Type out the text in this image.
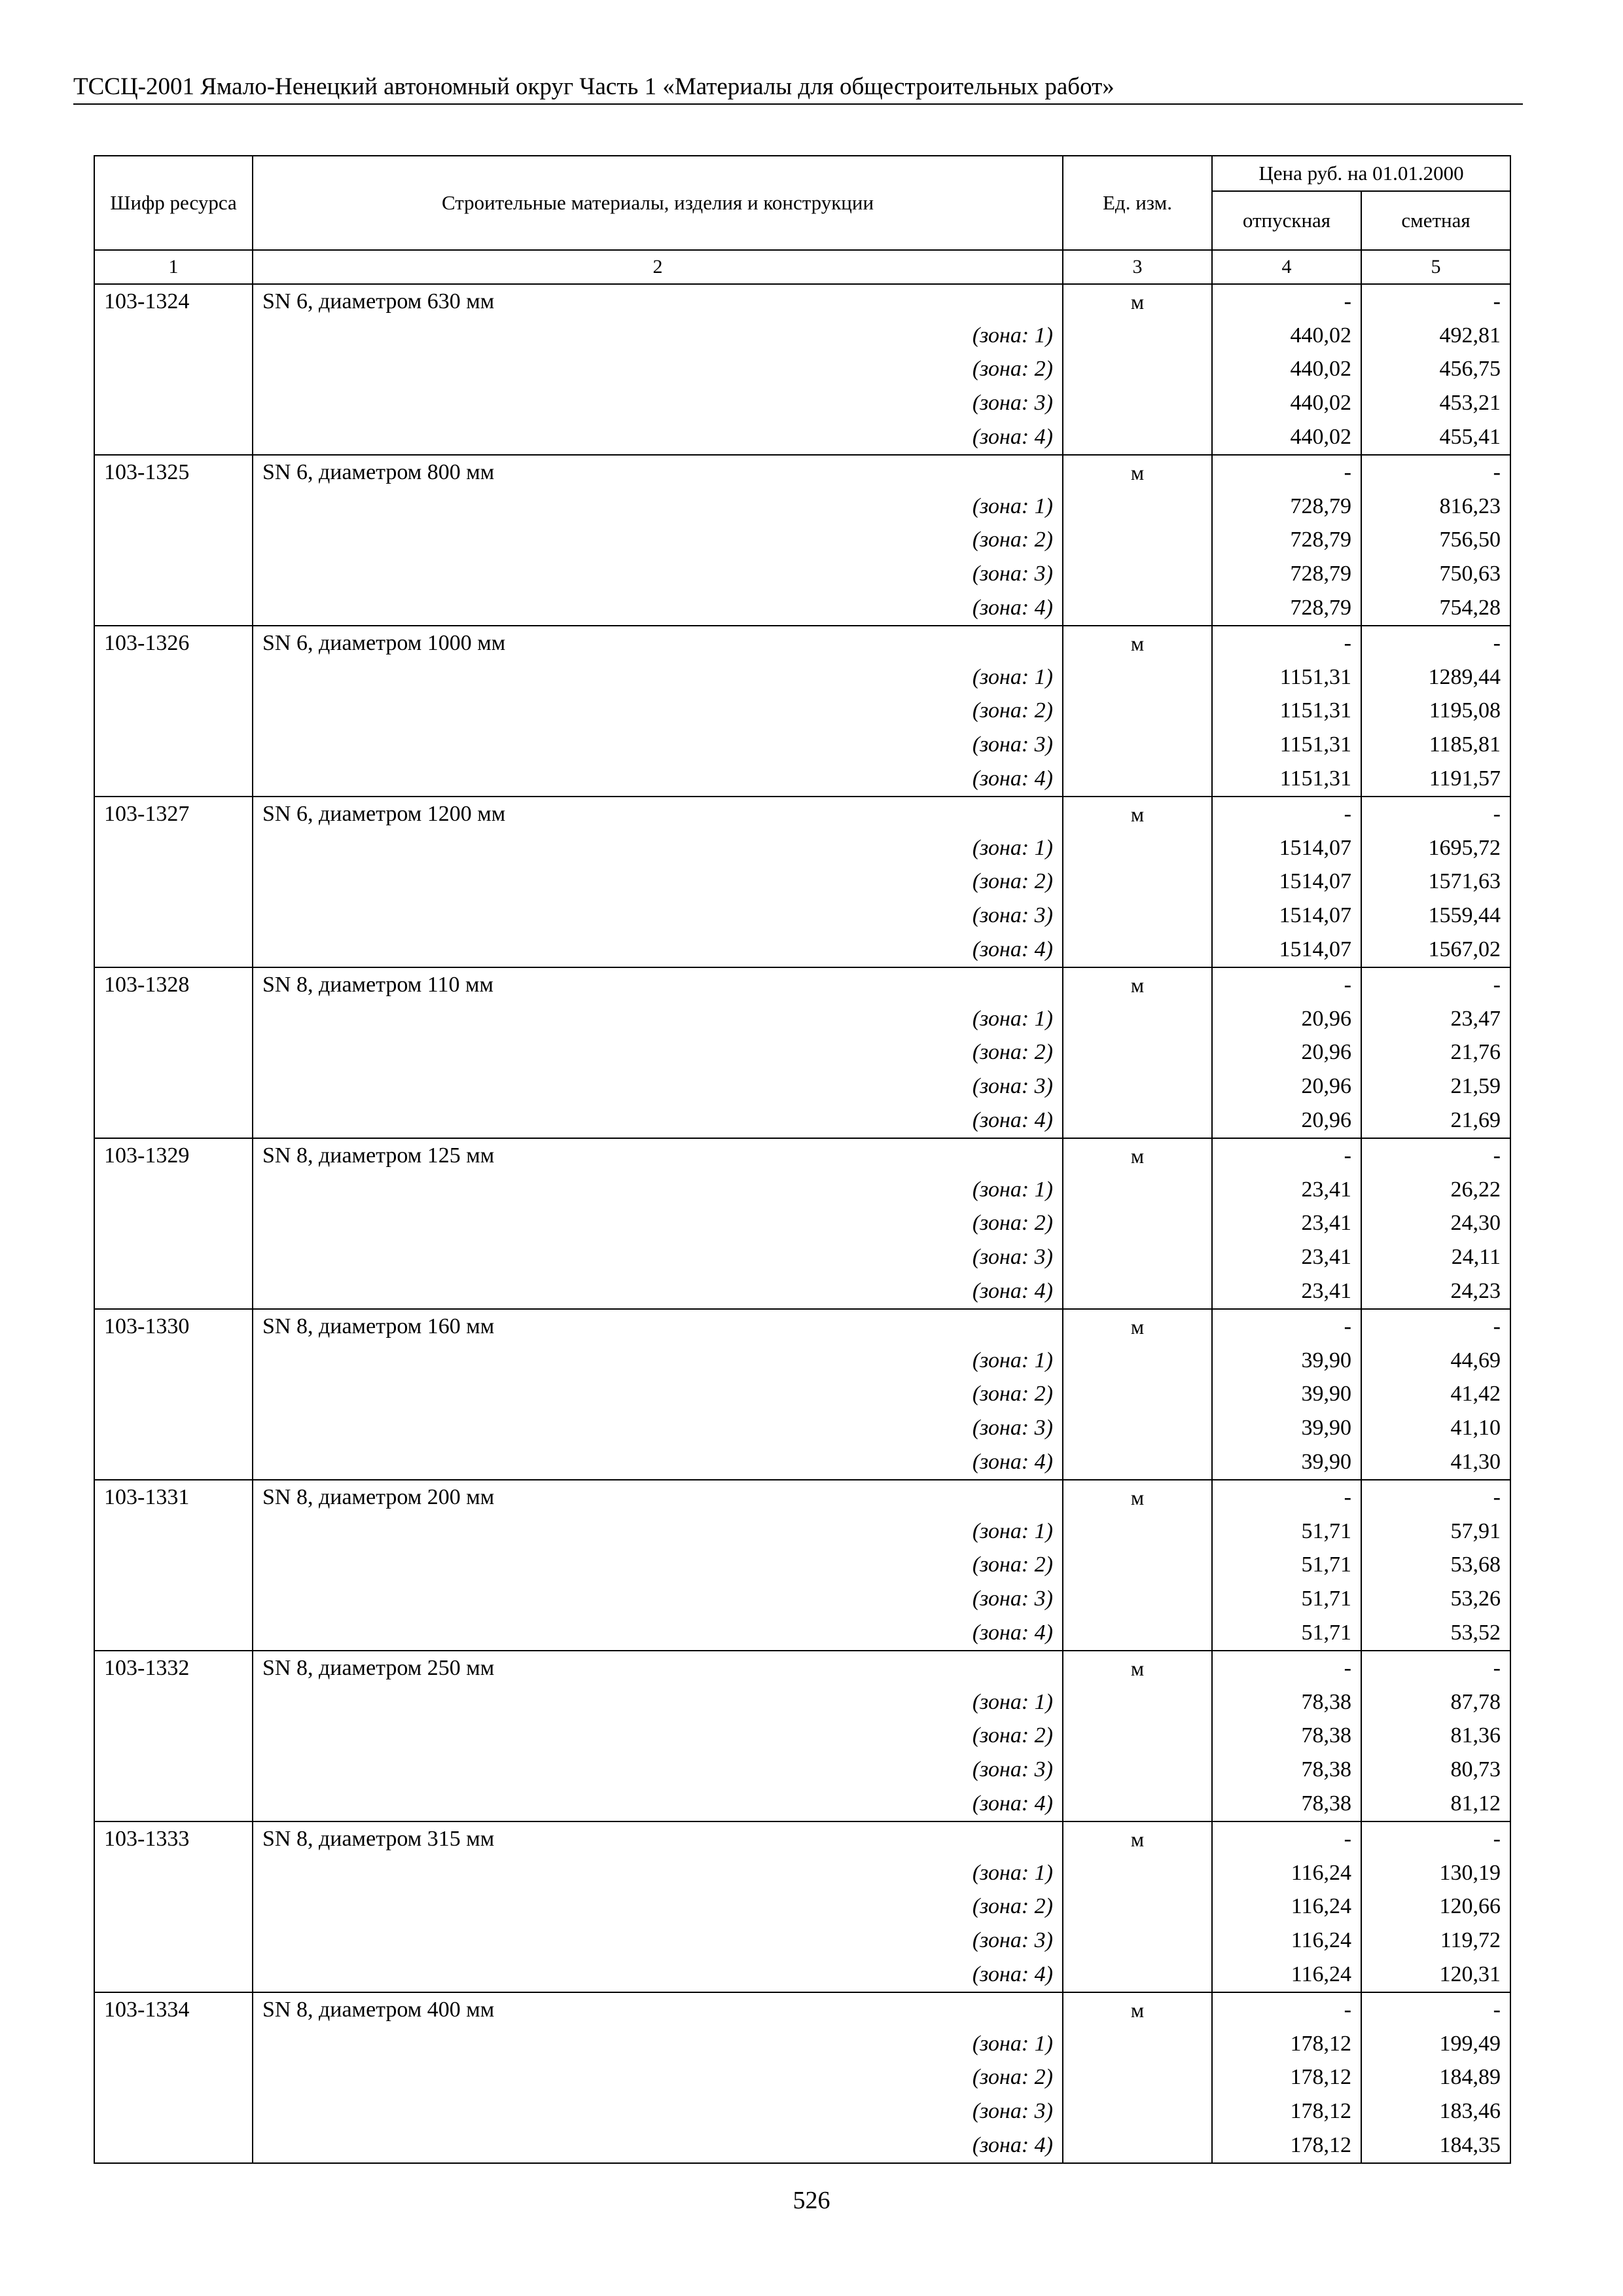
ТССЦ-2001 Ямало-Ненецкий автономный округ Часть 1 «Материалы для общестроительных работ»
Шифр ресурса	Строительные материалы, изделия и конструкции	Ед. изм.	Цена руб. на 01.01.2000	
			отпускная	сметная
1	2	3	4	5
103-1324	SN 6, диаметром 630 мм	м	-	-
	(зона: 1)		440,02	492,81
	(зона: 2)		440,02	456,75
	(зона: 3)		440,02	453,21
	(зона: 4)		440,02	455,41
103-1325	SN 6, диаметром 800 мм	м	-	-
	(зона: 1)		728,79	816,23
	(зона: 2)		728,79	756,50
	(зона: 3)		728,79	750,63
	(зона: 4)		728,79	754,28
103-1326	SN 6, диаметром 1000 мм	м	-	-
	(зона: 1)		1151,31	1289,44
	(зона: 2)		1151,31	1195,08
	(зона: 3)		1151,31	1185,81
	(зона: 4)		1151,31	1191,57
103-1327	SN 6, диаметром 1200 мм	м	-	-
	(зона: 1)		1514,07	1695,72
	(зона: 2)		1514,07	1571,63
	(зона: 3)		1514,07	1559,44
	(зона: 4)		1514,07	1567,02
103-1328	SN 8, диаметром 110 мм	м	-	-
	(зона: 1)		20,96	23,47
	(зона: 2)		20,96	21,76
	(зона: 3)		20,96	21,59
	(зона: 4)		20,96	21,69
103-1329	SN 8, диаметром 125 мм	м	-	-
	(зона: 1)		23,41	26,22
	(зона: 2)		23,41	24,30
	(зона: 3)		23,41	24,11
	(зона: 4)		23,41	24,23
103-1330	SN 8, диаметром 160 мм	м	-	-
	(зона: 1)		39,90	44,69
	(зона: 2)		39,90	41,42
	(зона: 3)		39,90	41,10
	(зона: 4)		39,90	41,30
103-1331	SN 8, диаметром 200 мм	м	-	-
	(зона: 1)		51,71	57,91
	(зона: 2)		51,71	53,68
	(зона: 3)		51,71	53,26
	(зона: 4)		51,71	53,52
103-1332	SN 8, диаметром 250 мм	м	-	-
	(зона: 1)		78,38	87,78
	(зона: 2)		78,38	81,36
	(зона: 3)		78,38	80,73
	(зона: 4)		78,38	81,12
103-1333	SN 8, диаметром 315 мм	м	-	-
	(зона: 1)		116,24	130,19
	(зона: 2)		116,24	120,66
	(зона: 3)		116,24	119,72
	(зона: 4)		116,24	120,31
103-1334	SN 8, диаметром 400 мм	м	-	-
	(зона: 1)		178,12	199,49
	(зона: 2)		178,12	184,89
	(зона: 3)		178,12	183,46
	(зона: 4)		178,12	184,35
526
